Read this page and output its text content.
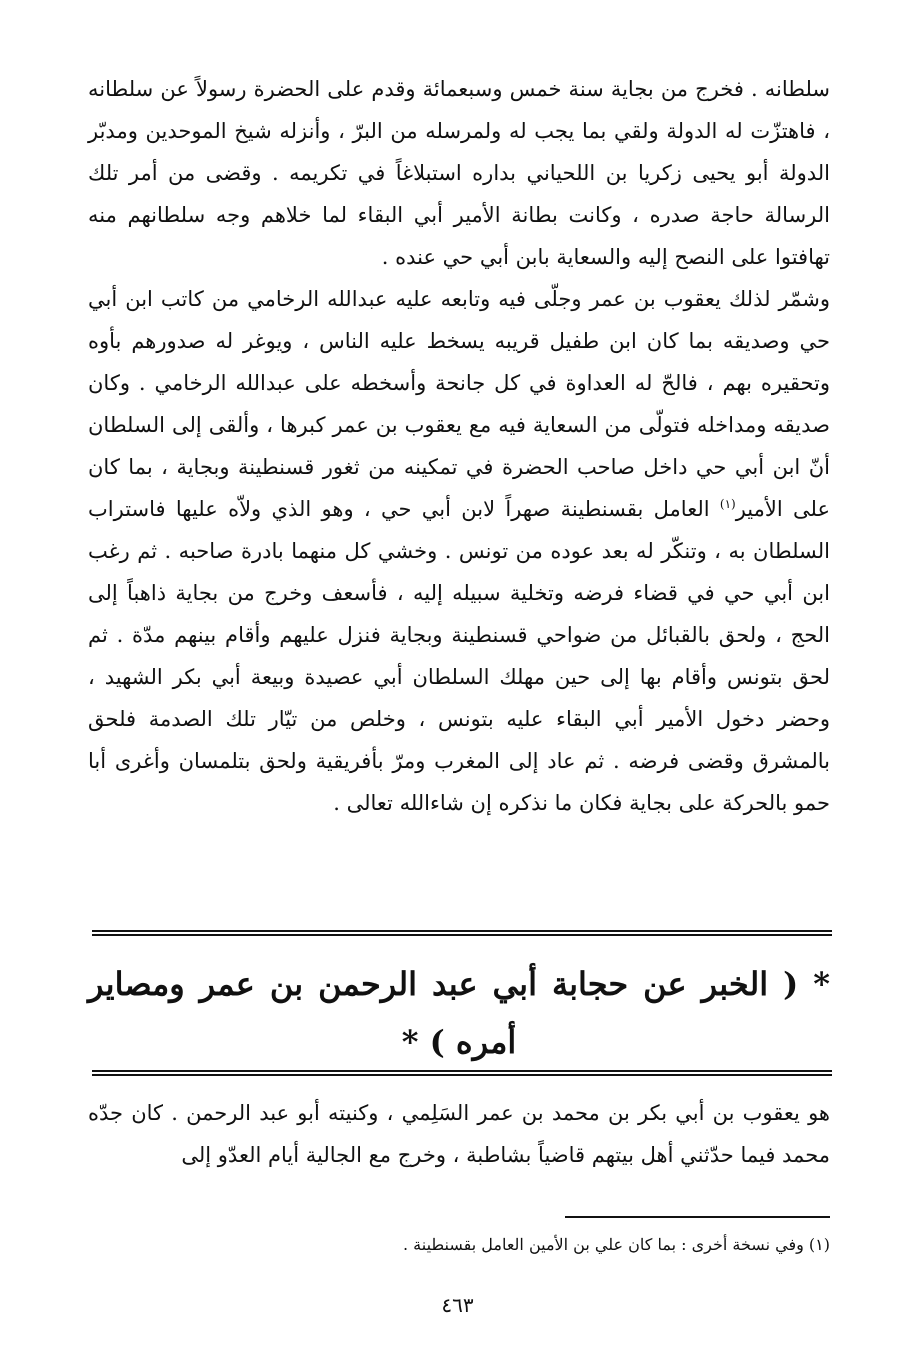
سلطانه . فخرج من بجاية سنة خمس وسبعمائة وقدم على الحضرة رسولاً عن سلطانه ، فاهتزّت له الدولة ولقي بما يجب له ولمرسله من البرّ ، وأنزله شيخ الموحدين ومدبّر الدولة أبو يحيى زكريا بن اللحياني بداره استبلاغاً في تكريمه . وقضى من أمر تلك الرسالة حاجة صدره ، وكانت بطانة الأمير أبي البقاء لما خلاهم وجه سلطانهم منه تهافتوا على النصح إليه والسعاية بابن أبي حي عنده .

وشمّر لذلك يعقوب بن عمر وجلّى فيه وتابعه عليه عبدالله الرخامي من كاتب ابن أبي حي وصديقه بما كان ابن طفيل قريبه يسخط عليه الناس ، ويوغر له صدورهم بأوه وتحقيره بهم ، فالحّ له العداوة في كل جانحة وأسخطه على عبدالله الرخامي . وكان صديقه ومداخله فتولّى من السعاية فيه مع يعقوب بن عمر كبرها ، وألقى إلى السلطان أنّ ابن أبي حي داخل صاحب الحضرة في تمكينه من ثغور قسنطينة وبجاية ، بما كان على الأمير$^{(١)}$ العامل بقسنطينة صهراً لابن أبي حي ، وهو الذي ولاّه عليها فاستراب السلطان به ، وتنكّر له بعد عوده من تونس . وخشي كل منهما بادرة صاحبه . ثم رغب ابن أبي حي في قضاء فرضه وتخلية سبيله إليه ، فأسعف وخرج من بجاية ذاهباً إلى الحج ، ولحق بالقبائل من ضواحي قسنطينة وبجاية فنزل عليهم وأقام بينهم مدّة . ثم لحق بتونس وأقام بها إلى حين مهلك السلطان أبي عصيدة وبيعة أبي بكر الشهيد ، وحضر دخول الأمير أبي البقاء عليه بتونس ، وخلص من تيّار تلك الصدمة فلحق بالمشرق وقضى فرضه . ثم عاد إلى المغرب ومرّ بأفريقية ولحق بتلمسان وأغرى أبا حمو بالحركة على بجاية فكان ما نذكره إن شاءالله تعالى .

* ( الخبر عن حجابة أبي عبد الرحمن بن عمر ومصاير
أمره ) *

هو يعقوب بن أبي بكر بن محمد بن عمر السَلِمي ، وكنيته أبو عبد الرحمن . كان جدّه محمد فيما حدّثني أهل بيتهم قاضياً بشاطبة ، وخرج مع الجالية أيام العدّو إلى

(١) وفي نسخة أخرى : بما كان علي بن الأمين العامل بقسنطينة .

٤٦٣
